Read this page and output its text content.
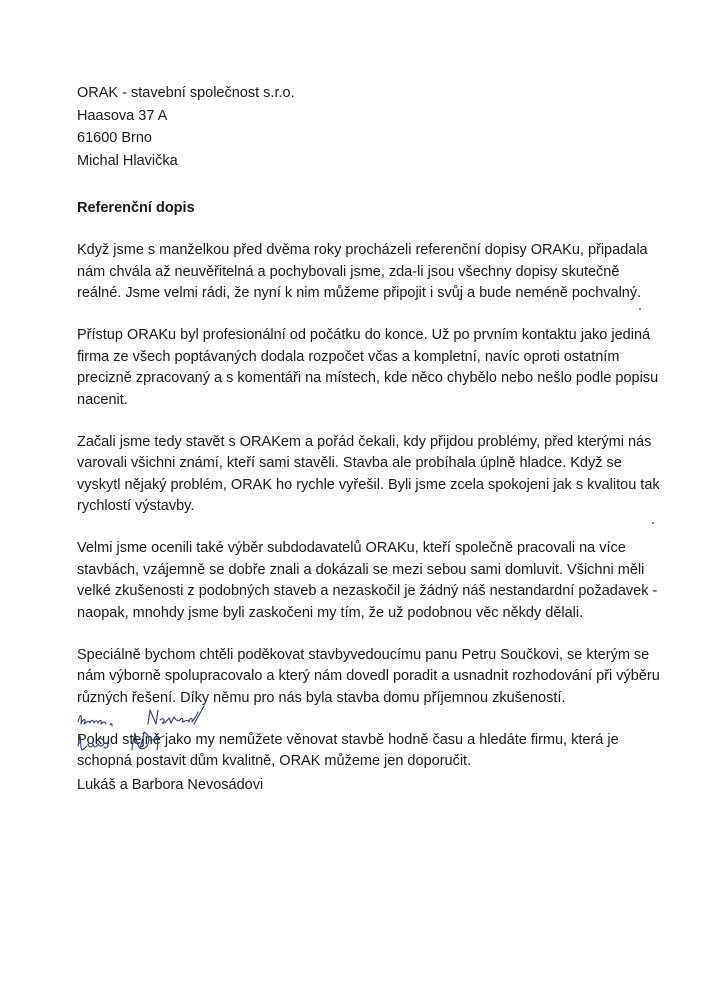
ORAK - stavební společnost s.r.o.
Haasova 37 A
61600 Brno
Michal Hlavička
Referenční dopis

Když jsme s manželkou před dvěma roky procházeli referenční dopisy ORAKu, připadala nám chvála až neuvěřitelná a pochybovali jsme, zda-li jsou všechny dopisy skutečně reálné. Jsme velmi rádi, že nyní k nim můžeme připojit i svůj a bude neméně pochvalný.

Přístup ORAKu byl profesionální od počátku do konce. Už po prvním kontaktu jako jediná firma ze všech poptávaných dodala rozpočet včas a kompletní, navíc oproti ostatním precizně zpracovaný a s komentáři na místech, kde něco chybělo nebo nešlo podle popisu nacenit.

Začali jsme tedy stavět s ORAKem a pořád čekali, kdy přijdou problémy, před kterými nás varovali všichni známí, kteří sami stavěli. Stavba ale probíhala úplně hladce. Když se vyskytl nějaký problém, ORAK ho rychle vyřešil. Byli jsme zcela spokojeni jak s kvalitou tak rychlostí výstavby.

Velmi jsme ocenili také výběr subdodavatelů ORAKu, kteří společně pracovali na více stavbách, vzájemně se dobře znali a dokázali se mezi sebou sami domluvit. Všichni měli velké zkušenosti z podobných staveb a nezaskočil je žádný náš nestandardní požadavek - naopak, mnohdy jsme byli zaskočeni my tím, že už podobnou věc někdy dělali.

Speciálně bychom chtěli poděkovat stavbyvedoucímu panu Petru Součkovi, se kterým se nám výborně spolupracovalo a který nám dovedl poradit a usnadnit rozhodování při výběru různých řešení. Díky němu pro nás byla stavba domu příjemnou zkušeností.

Pokud stejně jako my nemůžete věnovat stavbě hodně času a hledáte firmu, která je schopná postavit dům kvalitně, ORAK můžeme jen doporučit.

Lukáš a Barbora Nevosádovi
